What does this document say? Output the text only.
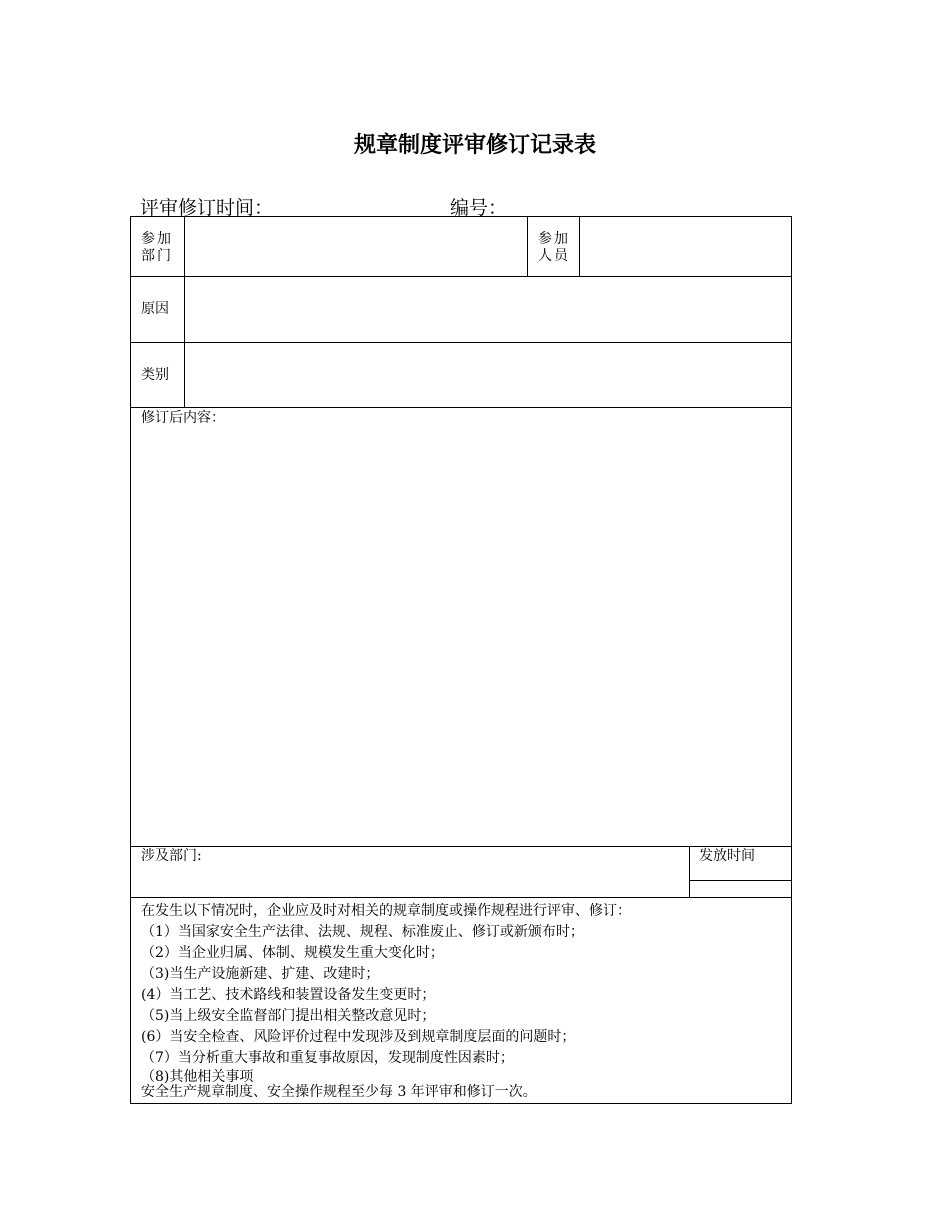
规章制度评审修订记录表
评审修订时间：	编号：
参加部门
参加人员
原因
类别
修订后内容：
涉及部门:	发放时间
在发生以下情况时，企业应及时对相关的规章制度或操作规程进行评审、修订：
（1）当国家安全生产法律、法规、规程、标准废止、修订或新颁布时；
（2）当企业归属、体制、规模发生重大变化时；
（3)当生产设施新建、扩建、改建时；
(4）当工艺、技术路线和装置设备发生变更时；
（5)当上级安全监督部门提出相关整改意见时；
(6）当安全检查、风险评价过程中发现涉及到规章制度层面的问题时；
（7）当分析重大事故和重复事故原因，发现制度性因素时；
（8)其他相关事项
安全生产规章制度、安全操作规程至少每 3 年评审和修订一次。
